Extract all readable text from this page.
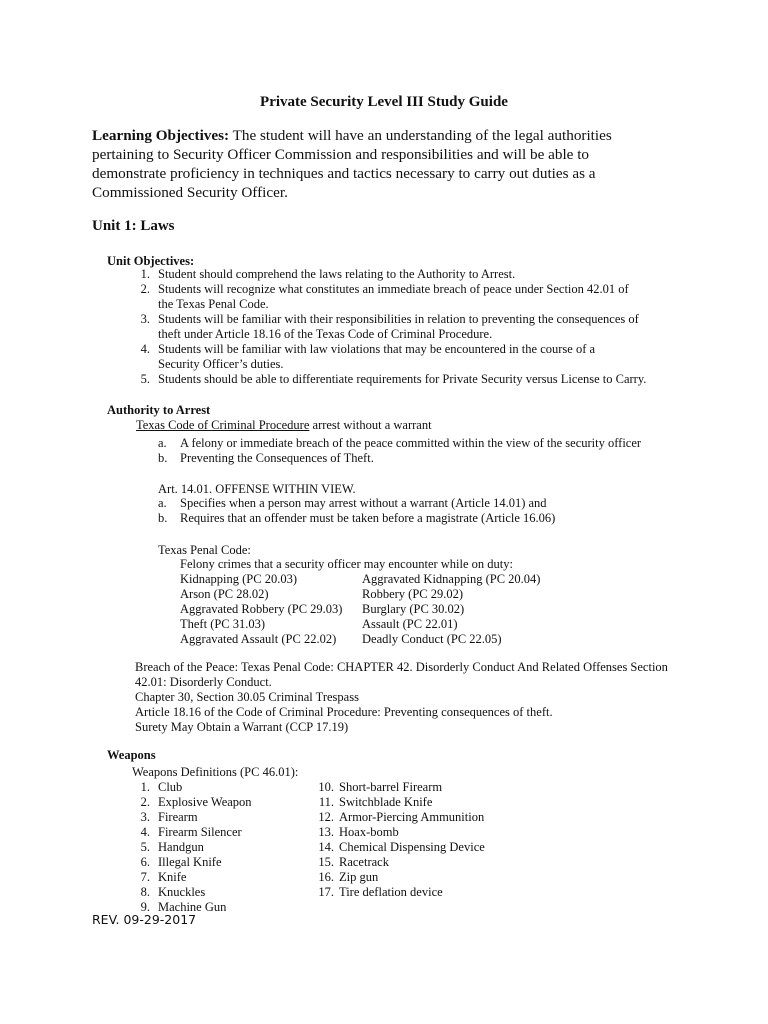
Private Security Level III Study Guide
Learning Objectives: The student will have an understanding of the legal authorities pertaining to Security Officer Commission and responsibilities and will be able to demonstrate proficiency in techniques and tactics necessary to carry out duties as a Commissioned Security Officer.
Unit 1: Laws
Unit Objectives:
1. Student should comprehend the laws relating to the Authority to Arrest.
2. Students will recognize what constitutes an immediate breach of peace under Section 42.01 of
the Texas Penal Code.
3. Students will be familiar with their responsibilities in relation to preventing the consequences of
theft under Article 18.16 of the Texas Code of Criminal Procedure.
4. Students will be familiar with law violations that may be encountered in the course of a
Security Officer’s duties.
5. Students should be able to differentiate requirements for Private Security versus License to Carry.
Authority to Arrest
Texas Code of Criminal Procedure arrest without a warrant
a. A felony or immediate breach of the peace committed within the view of the security officer
b. Preventing the Consequences of Theft.
Art. 14.01. OFFENSE WITHIN VIEW.
a. Specifies when a person may arrest without a warrant (Article 14.01) and
b. Requires that an offender must be taken before a magistrate (Article 16.06)
Texas Penal Code:
Felony crimes that a security officer may encounter while on duty:
Kidnapping (PC 20.03)
Arson (PC 28.02)
Aggravated Robbery (PC 29.03)
Theft (PC 31.03)
Aggravated Assault (PC 22.02)
Aggravated Kidnapping (PC 20.04)
Robbery (PC 29.02)
Burglary (PC 30.02)
Assault (PC 22.01)
Deadly Conduct (PC 22.05)
Breach of the Peace: Texas Penal Code: CHAPTER 42. Disorderly Conduct And Related Offenses Section
42.01: Disorderly Conduct.
Chapter 30, Section 30.05 Criminal Trespass
Article 18.16 of the Code of Criminal Procedure: Preventing consequences of theft.
Surety May Obtain a Warrant (CCP 17.19)
Weapons
Weapons Definitions (PC 46.01):
1. Club
2. Explosive Weapon
3. Firearm
4. Firearm Silencer
5. Handgun
6. Illegal Knife
7. Knife
8. Knuckles
9. Machine Gun
10. Short-barrel Firearm
11. Switchblade Knife
12. Armor-Piercing Ammunition
13. Hoax-bomb
14. Chemical Dispensing Device
15. Racetrack
16. Zip gun
17. Tire deflation device
REV. 09-29-2017
